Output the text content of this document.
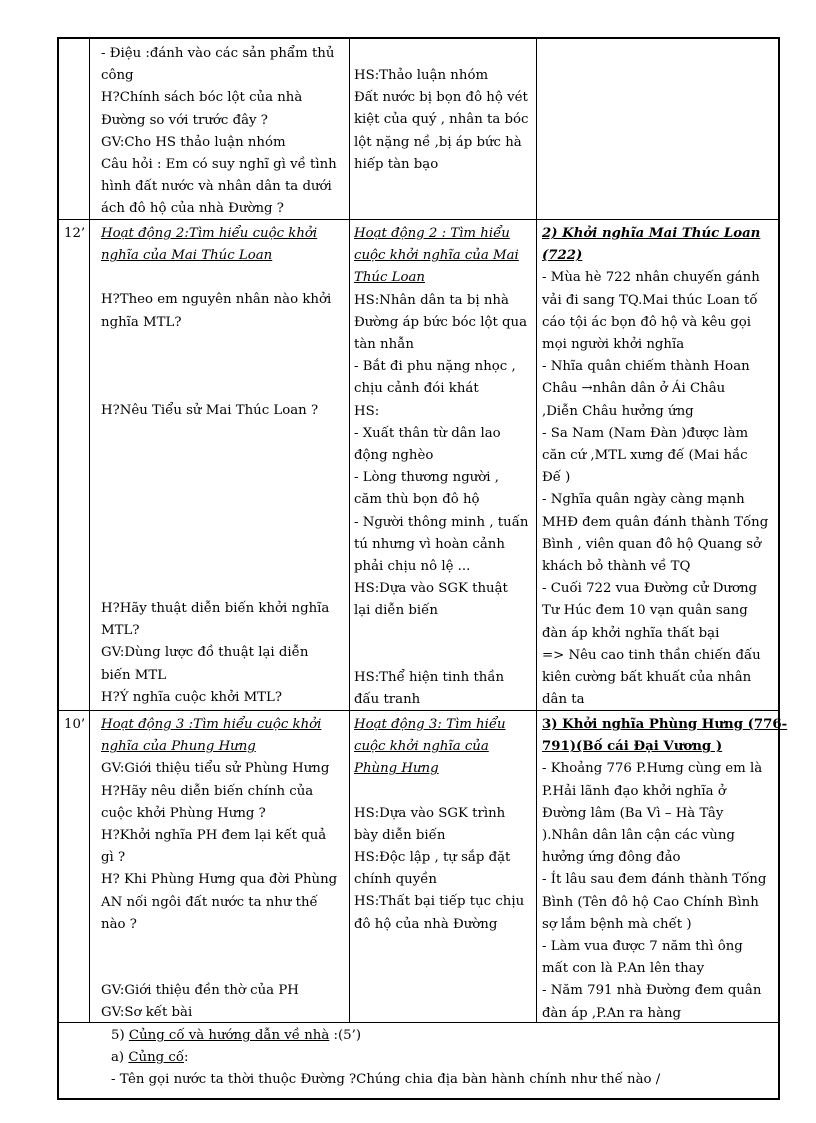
- Điệu :đánh vào các sản phẩm thủ
công
H?Chính sách bóc lột của nhà
Đường so với trước đây ?
GV:Cho HS thảo luận nhóm
Câu hỏi : Em có suy nghĩ gì về tình
hình đất nước và nhân dân ta dưới
ách đô hộ của nhà Đường ?
HS:Thảo luận nhóm
Đất nước bị bọn đô hộ vét
kiệt của quý , nhân ta bóc
lột nặng nề ,bị áp bức hà
hiếp tàn bạo
12’ Hoạt động 2:Tìm hiểu cuộc khởi
nghĩa của Mai Thúc Loan
H?Theo em nguyên nhân nào khởi
nghĩa MTL?
H?Nêu Tiểu sử Mai Thúc Loan ?
H?Hãy thuật diễn biến khởi nghĩa
MTL?
GV:Dùng lược đồ thuật lại diễn
biến MTL
H?Ý nghĩa cuộc khởi MTL?
Hoạt động 2 : Tìm hiểu
cuộc khởi nghĩa của Mai
Thúc Loan
HS:Nhân dân ta bị nhà
Đường áp bức bóc lột qua
tàn nhẫn
- Bắt đi phu nặng nhọc ,
chịu cảnh đói khát
HS:
- Xuất thân từ dân lao
động nghèo
- Lòng thương người ,
căm thù bọn đô hộ
- Người thông minh , tuấn
tú nhưng vì hoàn cảnh
phải chịu nô lệ ...
HS:Dựa vào SGK thuật
lại diễn biến
HS:Thể hiện tinh thần
đấu tranh
2) Khởi nghĩa Mai Thúc Loan
(722)
- Mùa hè 722 nhân chuyến gánh
vải đi sang TQ.Mai thúc Loan tố
cáo tội ác bọn đô hộ và kêu gọi
mọi người khởi nghĩa
- Nhĩa quân chiếm thành Hoan
Châu →nhân dân ở Ái Châu
,Diễn Châu hưởng ứng
- Sa Nam (Nam Đàn )được làm
căn cứ ,MTL xưng đế (Mai hắc
Đế )
- Nghĩa quân ngày càng mạnh
MHĐ đem quân đánh thành Tống
Bình , viên quan đô hộ Quang sở
khách bỏ thành về TQ
- Cuối 722 vua Đường cử Dương
Tư Húc đem 10 vạn quân sang
đàn áp khởi nghĩa thất bại
=> Nêu cao tinh thần chiến đấu
kiên cường bất khuất của nhân
dân ta
10’ Hoạt động 3 :Tìm hiểu cuộc khởi
nghĩa của Phung Hưng
GV:Giới thiệu tiểu sử Phùng Hưng
H?Hãy nêu diễn biến chính của
cuộc khởi Phùng Hưng ?
H?Khởi nghĩa PH đem lại kết quả
gì ?
H? Khi Phùng Hưng qua đời Phùng
AN nối ngôi đất nước ta như thế
nào ?
GV:Giới thiệu đền thờ của PH
GV:Sơ kết bài
Hoạt động 3: Tìm hiểu
cuộc khởi nghĩa của
Phùng Hưng
HS:Dựa vào SGK trình
bày diễn biến
HS:Độc lập , tự sắp đặt
chính quyền
HS:Thất bại tiếp tục chịu
đô hộ của nhà Đường
3) Khởi nghĩa Phùng Hưng (776-
791)(Bố cái Đại Vương )
- Khoảng 776 P.Hưng cùng em là
P.Hải lãnh đạo khởi nghĩa ở
Đường lâm (Ba Vì – Hà Tây
).Nhân dân lân cận các vùng
hưởng ứng đông đảo
- Ít lâu sau đem đánh thành Tống
Bình (Tên đô hộ Cao Chính Bình
sợ lắm bệnh mà chết )
- Làm vua được 7 năm thì ông
mất con là P.An lên thay
- Năm 791 nhà Đường đem quân
đàn áp ,P.An ra hàng
5) Củng cố và hướng dẫn về nhà :(5’)
a) Củng cố:
- Tên gọi nước ta thời thuộc Đường ?Chúng chia địa bàn hành chính như thế nào /
